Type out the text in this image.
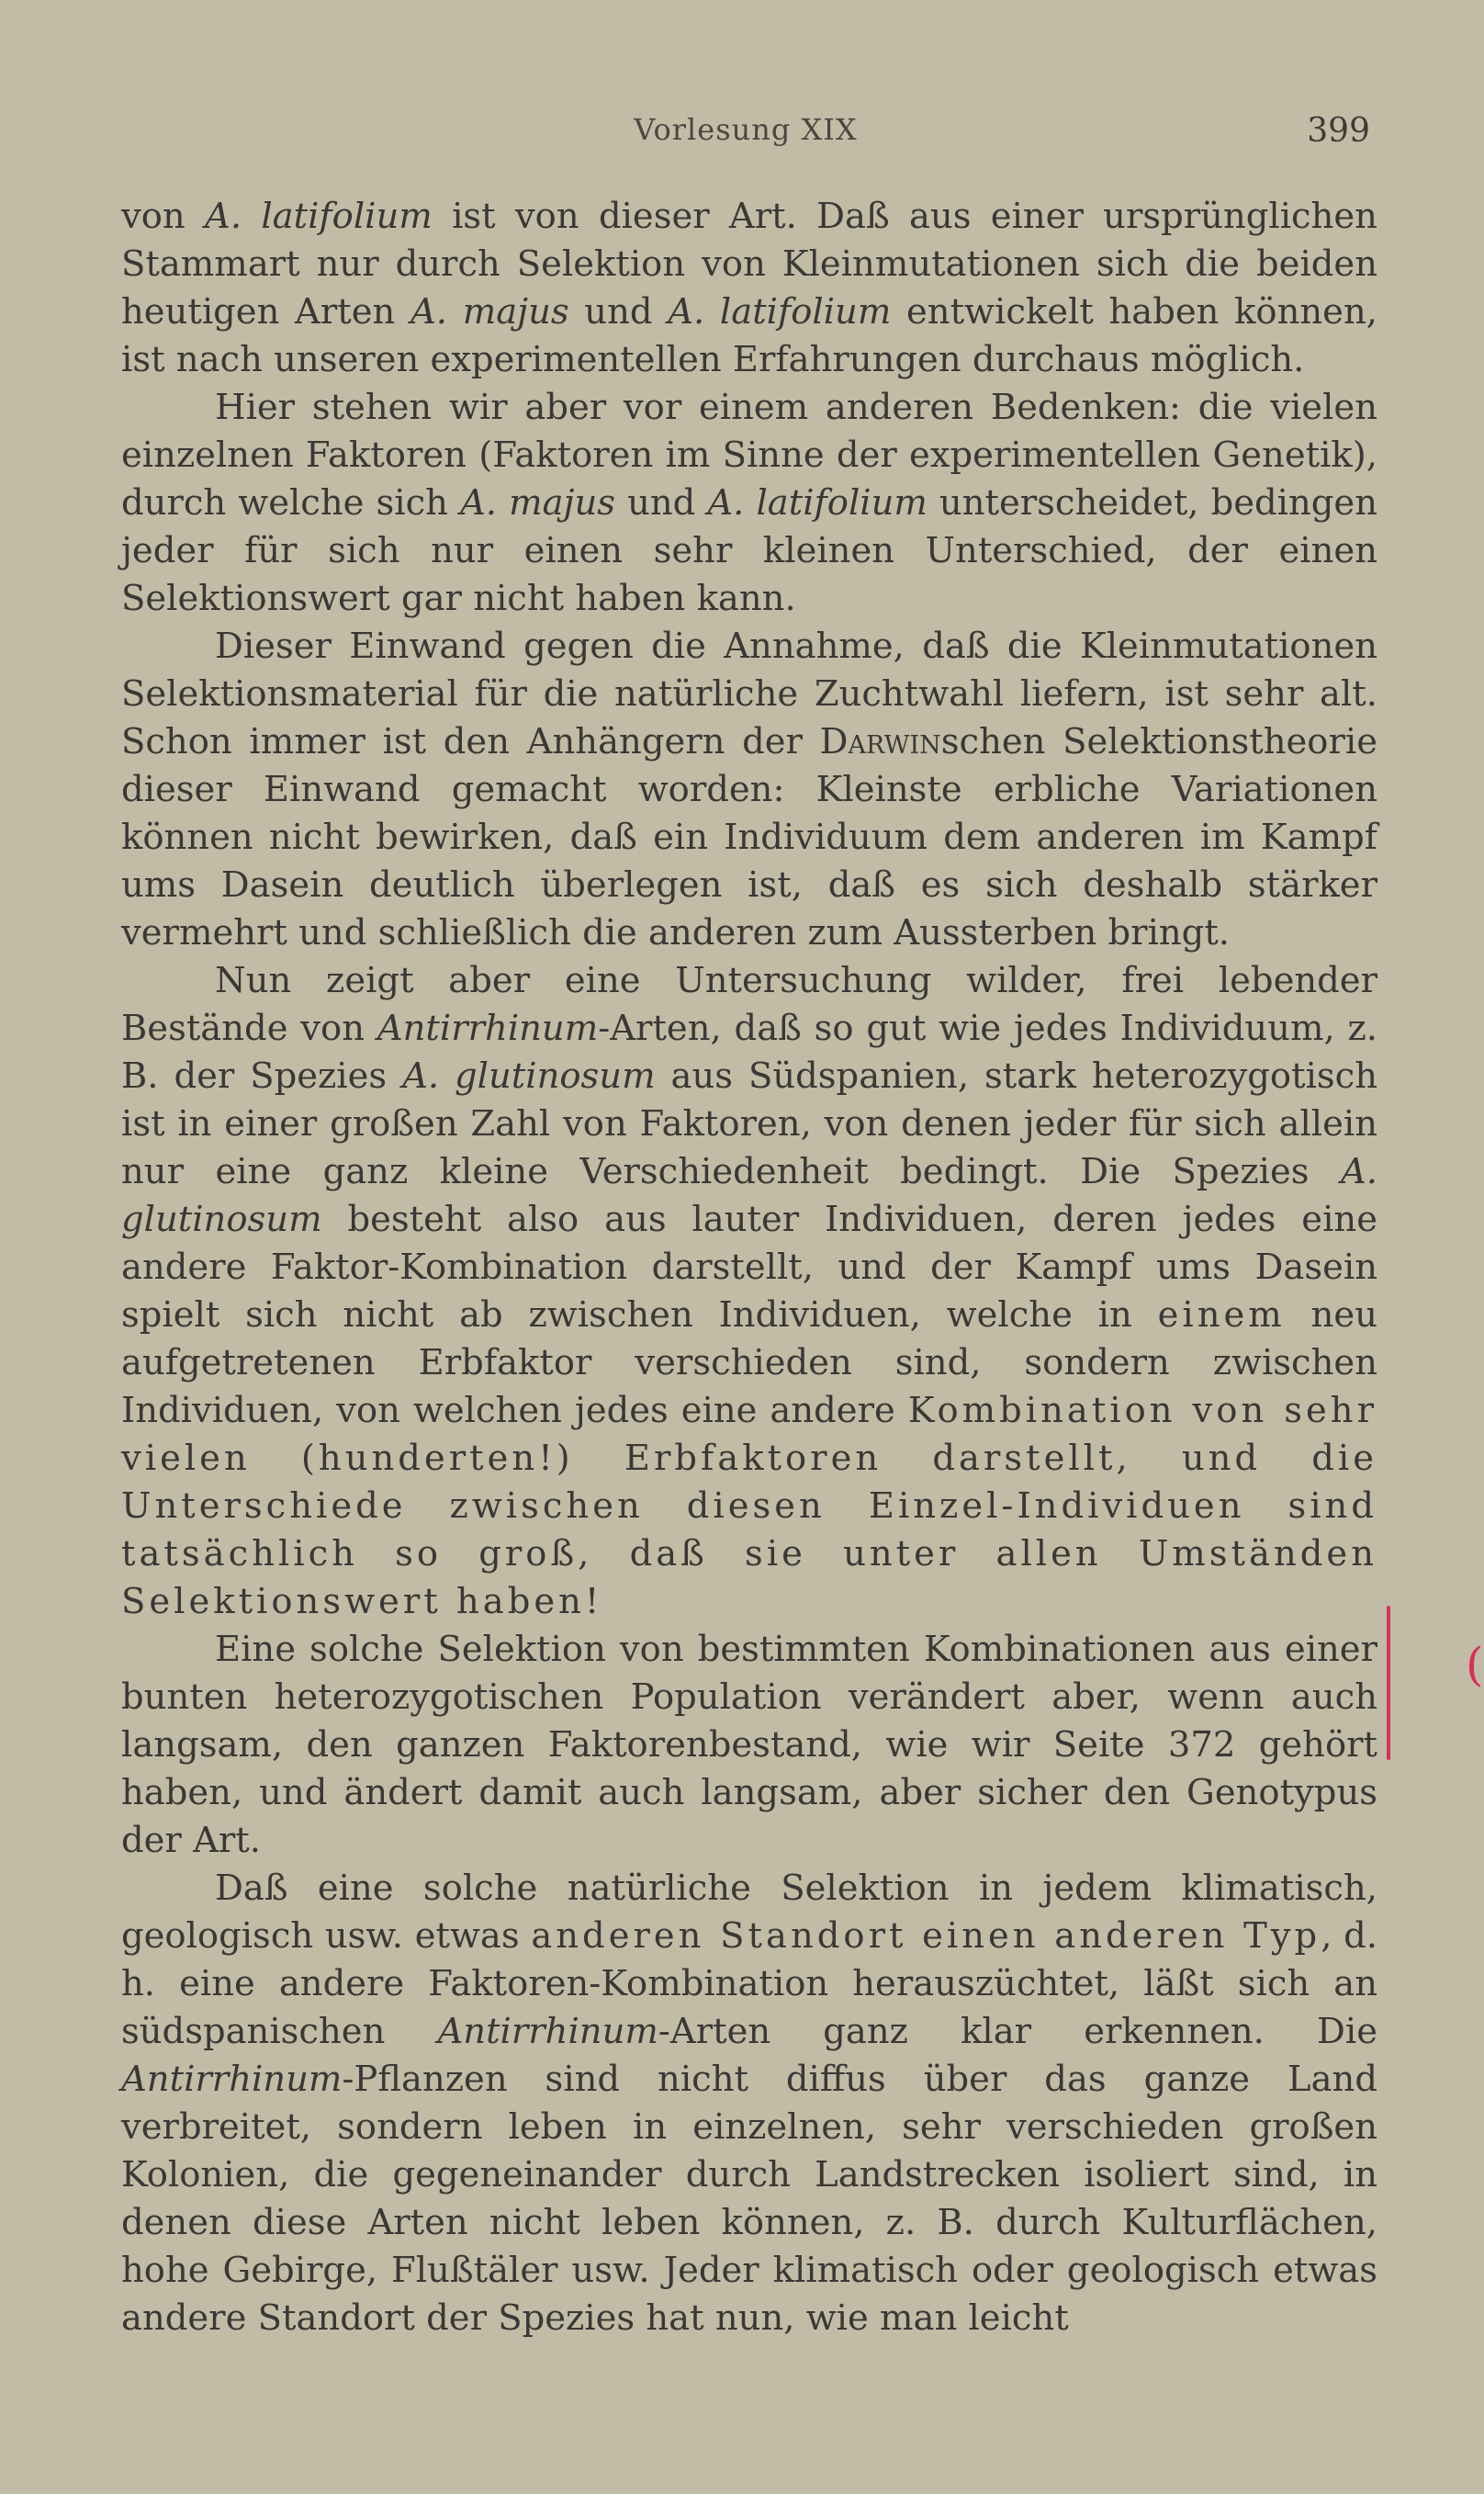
Vorlesung XIX	399

von A. latifolium ist von dieser Art. Daß aus einer ursprünglichen Stammart nur durch Selektion von Kleinmutationen sich die beiden heutigen Arten A. majus und A. latifolium entwickelt haben können, ist nach unseren experimentellen Erfahrungen durchaus möglich.

Hier stehen wir aber vor einem anderen Bedenken: die vielen einzelnen Faktoren (Faktoren im Sinne der experimentellen Genetik), durch welche sich A. majus und A. latifolium unterscheidet, bedingen jeder für sich nur einen sehr kleinen Unterschied, der einen Selektionswert gar nicht haben kann.

Dieser Einwand gegen die Annahme, daß die Kleinmutationen Selektionsmaterial für die natürliche Zuchtwahl liefern, ist sehr alt. Schon immer ist den Anhängern der Darwinschen Selektionstheorie dieser Einwand gemacht worden: Kleinste erbliche Variationen können nicht bewirken, daß ein Individuum dem anderen im Kampf ums Dasein deutlich überlegen ist, daß es sich deshalb stärker vermehrt und schließlich die anderen zum Aussterben bringt.

Nun zeigt aber eine Untersuchung wilder, frei lebender Bestände von Antirrhinum-Arten, daß so gut wie jedes Individuum, z. B. der Spezies A. glutinosum aus Südspanien, stark heterozygotisch ist in einer großen Zahl von Faktoren, von denen jeder für sich allein nur eine ganz kleine Verschiedenheit bedingt. Die Spezies A. glutinosum besteht also aus lauter Individuen, deren jedes eine andere Faktor-Kombination darstellt, und der Kampf ums Dasein spielt sich nicht ab zwischen Individuen, welche in einem neu aufgetretenen Erbfaktor verschieden sind, sondern zwischen Individuen, von welchen jedes eine andere Kombination von sehr vielen (hunderten!) Erbfaktoren darstellt, und die Unterschiede zwischen diesen Einzel-Individuen sind tatsächlich so groß, daß sie unter allen Umständen Selektionswert haben!

Eine solche Selektion von bestimmten Kombinationen aus einer bunten heterozygotischen Population verändert aber, wenn auch langsam, den ganzen Faktorenbestand, wie wir Seite 372 gehört haben, und ändert damit auch langsam, aber sicher den Genotypus der Art.

Daß eine solche natürliche Selektion in jedem klimatisch, geologisch usw. etwas anderen Standort einen anderen Typ, d. h. eine andere Faktoren-Kombination herauszüchtet, läßt sich an südspanischen Antirrhinum-Arten ganz klar erkennen. Die Antirrhinum-Pflanzen sind nicht diffus über das ganze Land verbreitet, sondern leben in einzelnen, sehr verschieden großen Kolonien, die gegeneinander durch Landstrecken isoliert sind, in denen diese Arten nicht leben können, z. B. durch Kulturflächen, hohe Gebirge, Flußtäler usw. Jeder klimatisch oder geologisch etwas andere Standort der Spezies hat nun, wie man leicht

(
